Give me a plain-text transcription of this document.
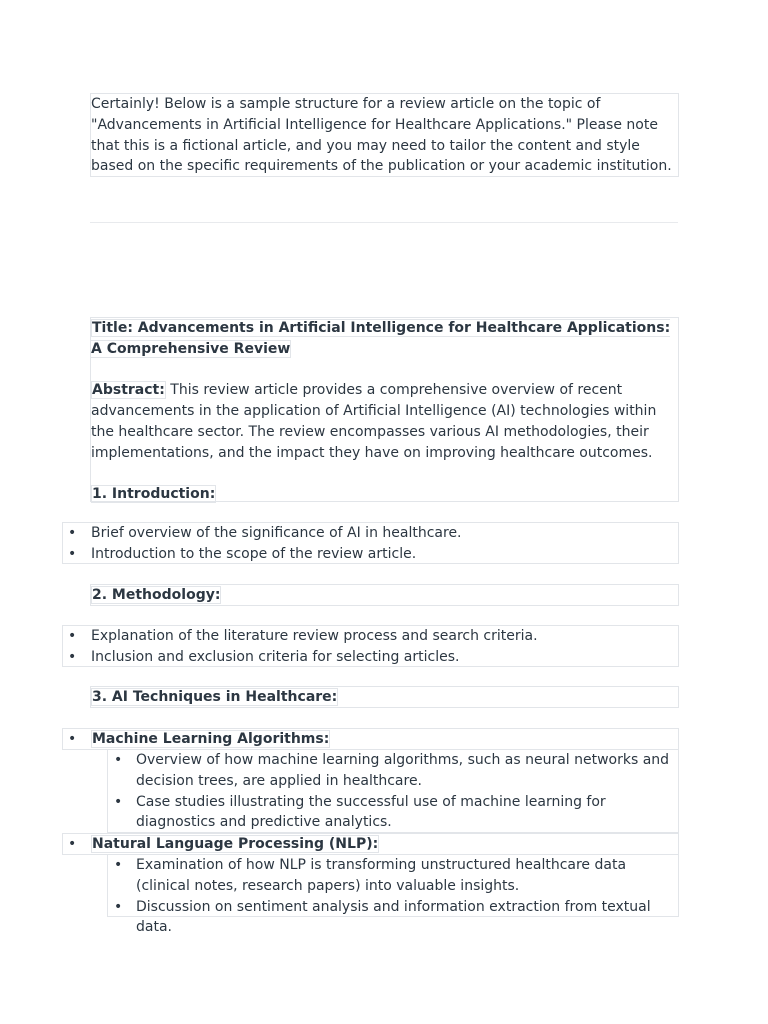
Certainly! Below is a sample structure for a review article on the topic of "Advancements in Artificial Intelligence for Healthcare Applications." Please note that this is a fictional article, and you may need to tailor the content and style based on the specific requirements of the publication or your academic institution.

Title: Advancements in Artificial Intelligence for Healthcare Applications: A Comprehensive Review

Abstract: This review article provides a comprehensive overview of recent advancements in the application of Artificial Intelligence (AI) technologies within the healthcare sector. The review encompasses various AI methodologies, their implementations, and the impact they have on improving healthcare outcomes.

1. Introduction:
• Brief overview of the significance of AI in healthcare.
• Introduction to the scope of the review article.
2. Methodology:
• Explanation of the literature review process and search criteria.
• Inclusion and exclusion criteria for selecting articles.
3. AI Techniques in Healthcare:
• Machine Learning Algorithms:
• Overview of how machine learning algorithms, such as neural networks and decision trees, are applied in healthcare.
• Case studies illustrating the successful use of machine learning for diagnostics and predictive analytics.
• Natural Language Processing (NLP):
• Examination of how NLP is transforming unstructured healthcare data (clinical notes, research papers) into valuable insights.
• Discussion on sentiment analysis and information extraction from textual data.
